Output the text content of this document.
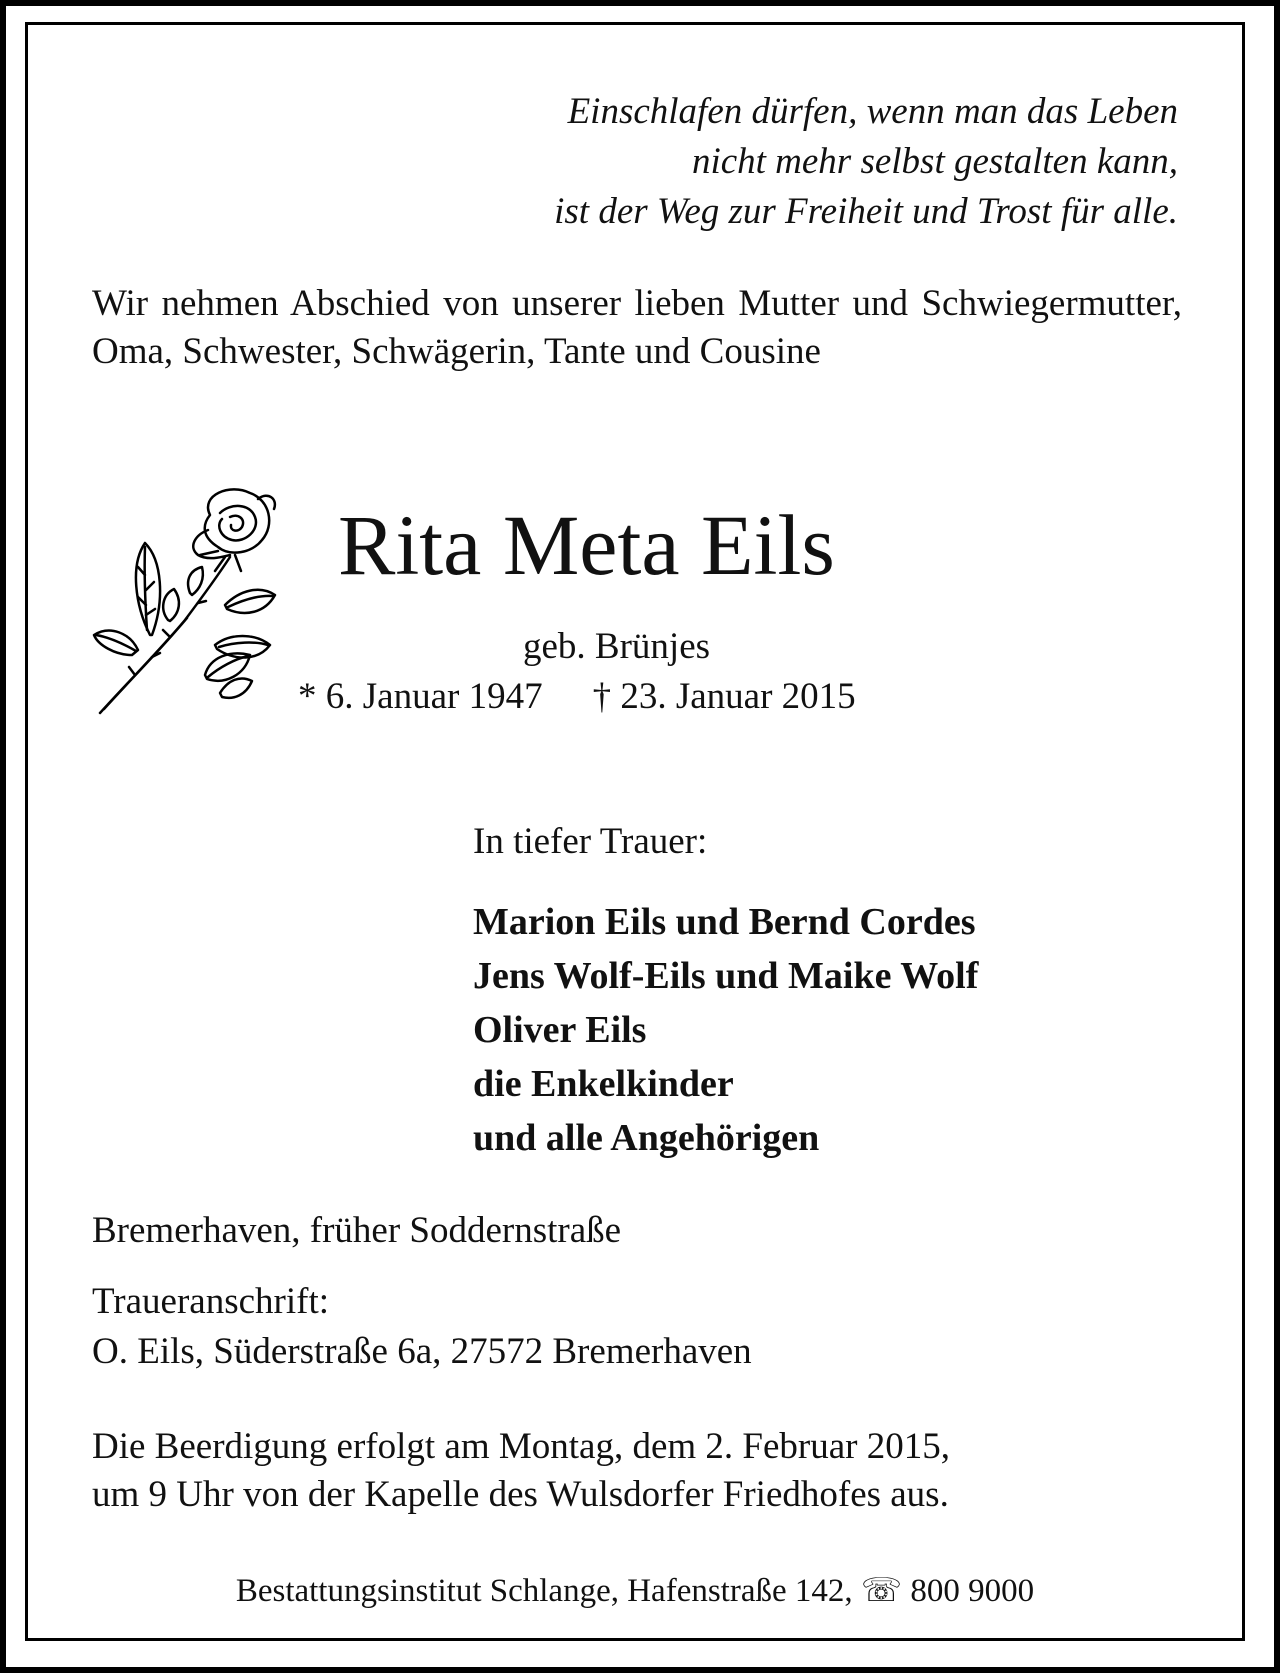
Einschlafen dürfen, wenn man das Leben
nicht mehr selbst gestalten kann,
ist der Weg zur Freiheit und Trost für alle.
Wir nehmen Abschied von unserer lieben Mutter und Schwiegermutter, Oma, Schwester, Schwägerin, Tante und Cousine
Rita Meta Eils
geb. Brünjes
* 6. Januar 1947 † 23. Januar 2015
In tiefer Trauer:
Marion Eils und Bernd Cordes
Jens Wolf-Eils und Maike Wolf
Oliver Eils
die Enkelkinder
und alle Angehörigen
Bremerhaven, früher Soddernstraße
Traueranschrift:
O. Eils, Süderstraße 6a, 27572 Bremerhaven
Die Beerdigung erfolgt am Montag, dem 2. Februar 2015,
um 9 Uhr von der Kapelle des Wulsdorfer Friedhofes aus.
Bestattungsinstitut Schlange, Hafenstraße 142, ☏ 800 9000
